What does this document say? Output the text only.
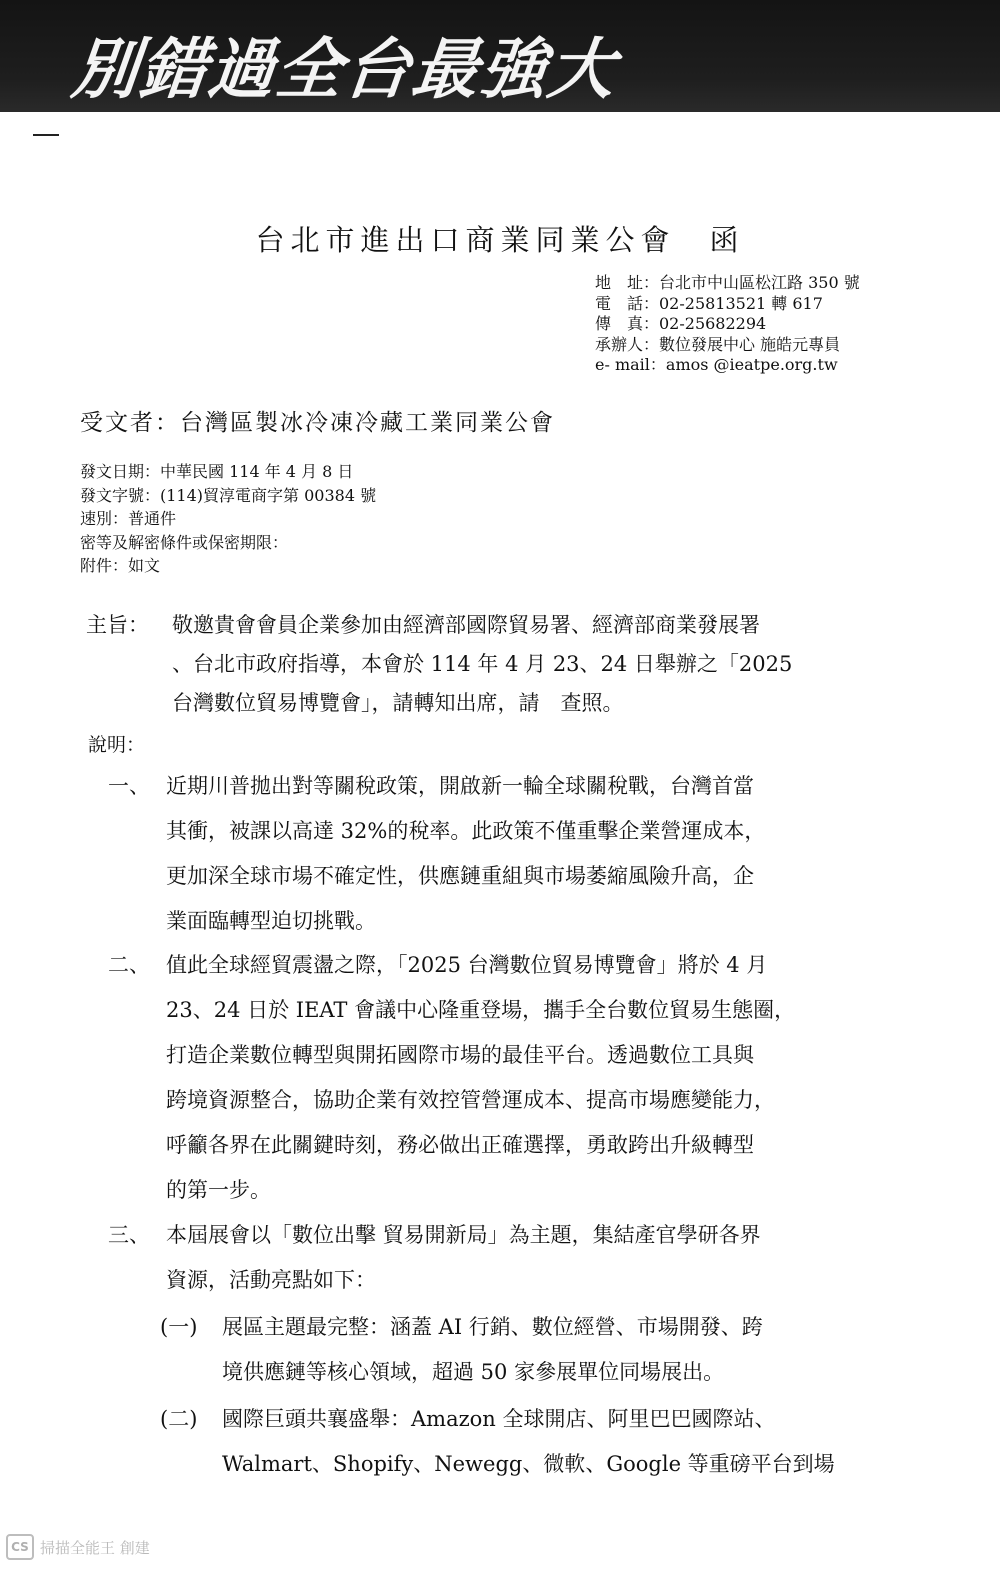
別錯過全台最強大
台北市進出口商業同業公會 函
地　址：台北市中山區松江路 350 號
電　話：02-25813521 轉 617
傳　真：02-25682294
承辦人：數位發展中心 施皓元專員
e- mail：amos @ieatpe.org.tw
受文者：台灣區製冰冷凍冷藏工業同業公會
發文日期：中華民國 114 年 4 月 8 日
發文字號：(114)貿淳電商字第 00384 號
速別：普通件
密等及解密條件或保密期限：
附件：如文
主旨： 敬邀貴會會員企業參加由經濟部國際貿易署、經濟部商業發展署
、台北市政府指導，本會於 114 年 4 月 23、24 日舉辦之「2025
台灣數位貿易博覽會」，請轉知出席，請　查照。
說明：
一、 近期川普拋出對等關稅政策，開啟新一輪全球關稅戰，台灣首當
其衝，被課以高達 32%的稅率。此政策不僅重擊企業營運成本，
更加深全球市場不確定性，供應鏈重組與市場萎縮風險升高，企
業面臨轉型迫切挑戰。
二、 值此全球經貿震盪之際，「2025 台灣數位貿易博覽會」將於 4 月
23、24 日於 IEAT 會議中心隆重登場，攜手全台數位貿易生態圈，
打造企業數位轉型與開拓國際市場的最佳平台。透過數位工具與
跨境資源整合，協助企業有效控管營運成本、提高市場應變能力，
呼籲各界在此關鍵時刻，務必做出正確選擇，勇敢跨出升級轉型
的第一步。
三、 本屆展會以「數位出擊 貿易開新局」為主題，集結產官學研各界
資源，活動亮點如下：
(一) 展區主題最完整：涵蓋 AI 行銷、數位經營、市場開發、跨
境供應鏈等核心領域，超過 50 家參展單位同場展出。
(二) 國際巨頭共襄盛舉：Amazon 全球開店、阿里巴巴國際站、
Walmart、Shopify、Newegg、微軟、Google 等重磅平台到場
CS 掃描全能王 創建
